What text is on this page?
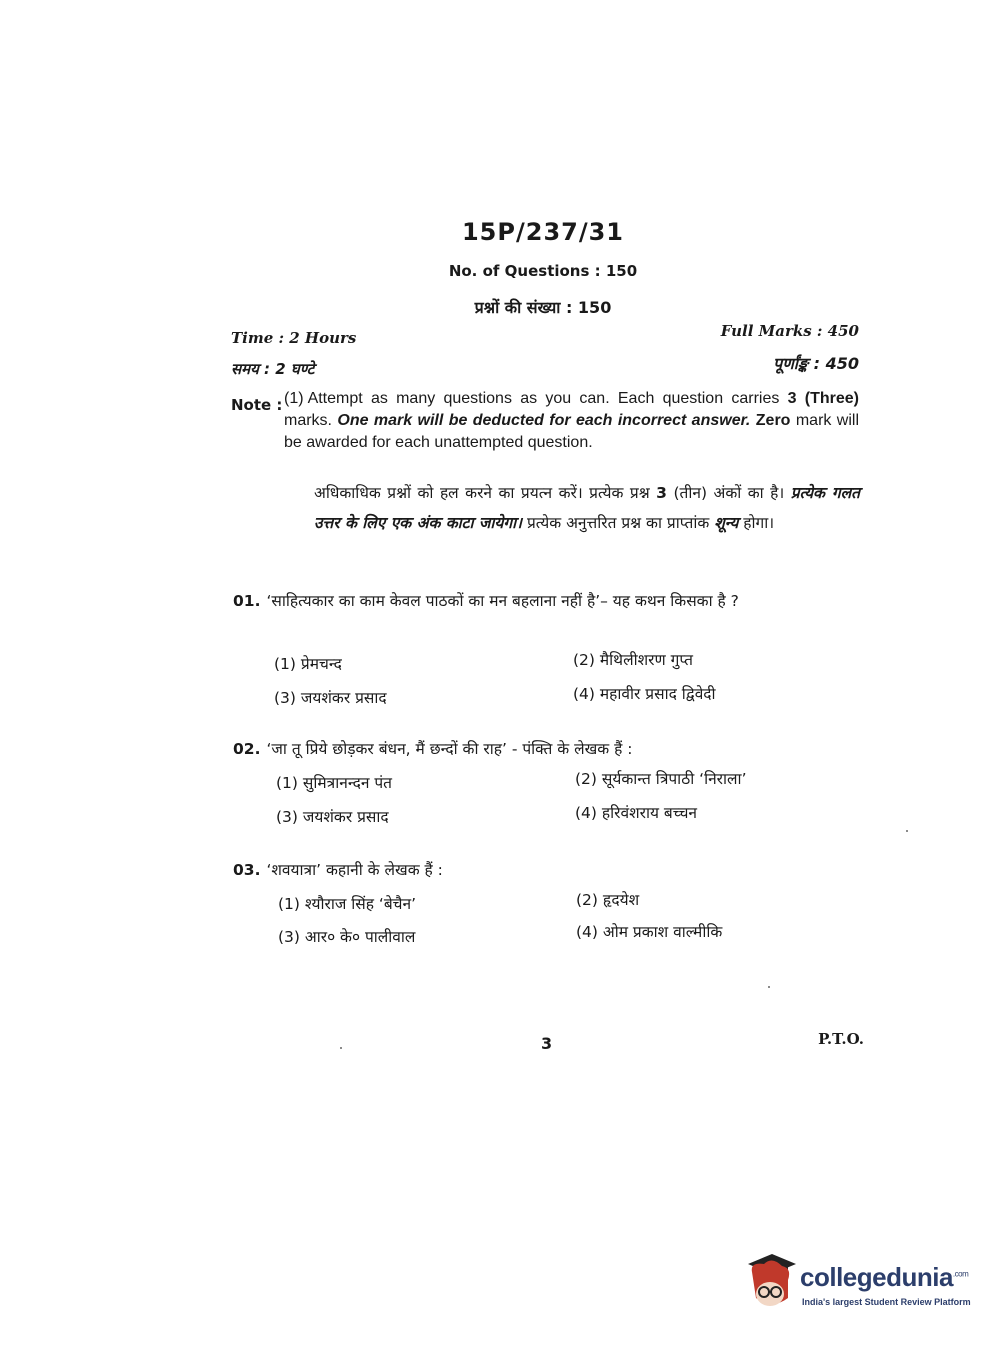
15P/237/31
No. of Questions : 150
प्रश्नों की संख्या : 150
Time : 2 Hours
समय : 2 घण्टे
Full Marks : 450
पूर्णांङ्क : 450
Note : (1) Attempt as many questions as you can. Each question carries 3 (Three) marks. One mark will be deducted for each incorrect answer. Zero mark will be awarded for each unattempted question.
अधिकाधिक प्रश्नों को हल करने का प्रयत्न करें। प्रत्येक प्रश्न 3 (तीन) अंकों का है। प्रत्येक गलत उत्तर के लिए एक अंक काटा जायेगा। प्रत्येक अनुत्तरित प्रश्न का प्राप्तांक शून्य होगा।
01. ‘साहित्यकार का काम केवल पाठकों का मन बहलाना नहीं है’– यह कथन किसका है ?
(1) प्रेमचन्द	(2) मैथिलीशरण गुप्त
(3) जयशंकर प्रसाद	(4) महावीर प्रसाद द्विवेदी
02. ‘जा तू प्रिये छोड़कर बंधन, मैं छन्दों की राह’ - पंक्ति के लेखक हैं :
(1) सुमित्रानन्दन पंत	(2) सूर्यकान्त त्रिपाठी ‘निराला’
(3) जयशंकर प्रसाद	(4) हरिवंशराय बच्चन
03. ‘शवयात्रा’ कहानी के लेखक हैं :
(1) श्यौराज सिंह ‘बेचैन’	(2) हृदयेश
(3) आर० के० पालीवाल	(4) ओम प्रकाश वाल्मीकि
3	P.T.O.
collegedunia$^{.com}$
India's largest Student Review Platform
